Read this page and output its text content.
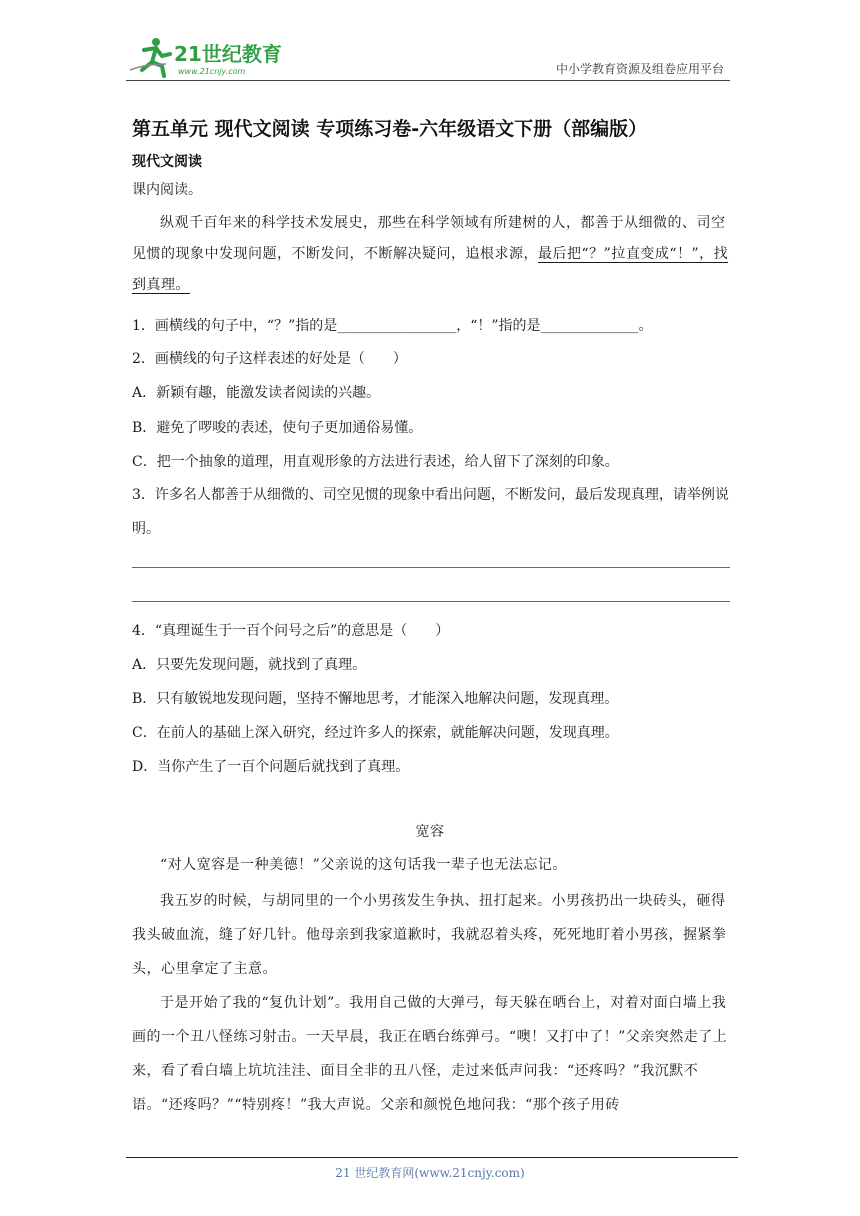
21世纪教育
www.21cnjy.com	中小学教育资源及组卷应用平台
第五单元 现代文阅读 专项练习卷-六年级语文下册（部编版）
现代文阅读
课内阅读。
纵观千百年来的科学技术发展史，那些在科学领域有所建树的人，都善于从细微的、司空见惯的现象中发现问题，不断发问，不断解决疑问，追根求源，最后把“？”拉直变成“！”，找到真理。
1．画横线的句子中，“？”指的是_________________，“！”指的是______________。
2．画横线的句子这样表述的好处是（　　）
A．新颖有趣，能激发读者阅读的兴趣。
B．避免了啰唆的表述，使句子更加通俗易懂。
C．把一个抽象的道理，用直观形象的方法进行表述，给人留下了深刻的印象。
3．许多名人都善于从细微的、司空见惯的现象中看出问题，不断发问，最后发现真理，请举例说明。
4．“真理诞生于一百个问号之后”的意思是（　　）
A．只要先发现问题，就找到了真理。
B．只有敏锐地发现问题，坚持不懈地思考，才能深入地解决问题，发现真理。
C．在前人的基础上深入研究，经过许多人的探索，就能解决问题，发现真理。
D．当你产生了一百个问题后就找到了真理。
宽容
“对人宽容是一种美德！”父亲说的这句话我一辈子也无法忘记。
我五岁的时候，与胡同里的一个小男孩发生争执、扭打起来。小男孩扔出一块砖头，砸得我头破血流，缝了好几针。他母亲到我家道歉时，我就忍着头疼，死死地盯着小男孩，握紧拳头，心里拿定了主意。
于是开始了我的“复仇计划”。我用自己做的大弹弓，每天躲在晒台上，对着对面白墙上我画的一个丑八怪练习射击。一天早晨，我正在晒台练弹弓。“噢！又打中了！”父亲突然走了上来，看了看白墙上坑坑洼洼、面目全非的丑八怪，走过来低声问我：“还疼吗？”我沉默不语。“还疼吗？”“特别疼！”我大声说。父亲和颜悦色地问我：“那个孩子用砖
21 世纪教育网(www.21cnjy.com)
